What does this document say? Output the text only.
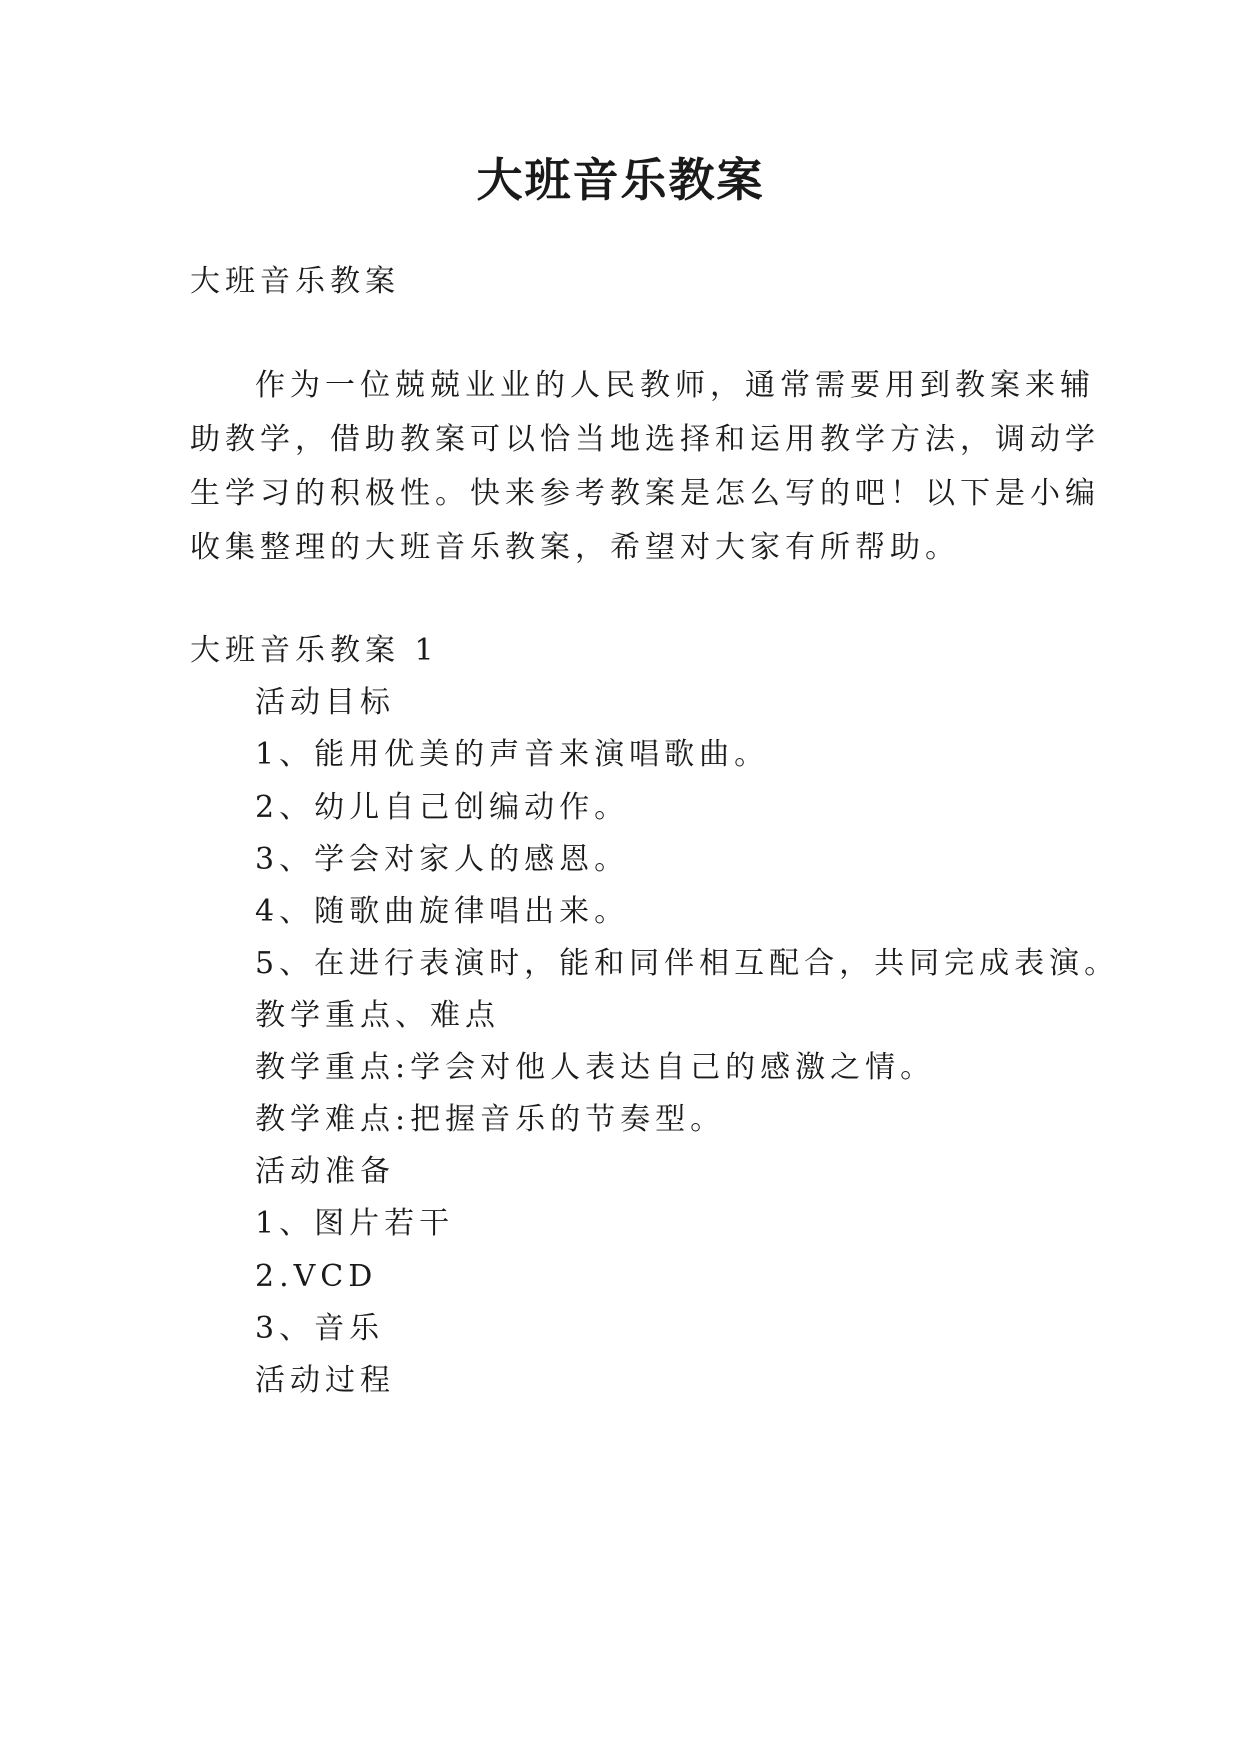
大班音乐教案

大班音乐教案

作为一位兢兢业业的人民教师，通常需要用到教案来辅

助教学，借助教案可以恰当地选择和运用教学方法，调动学

生学习的积极性。快来参考教案是怎么写的吧！以下是小编

收集整理的大班音乐教案，希望对大家有所帮助。

大班音乐教案 1

活动目标

1、能用优美的声音来演唱歌曲。

2、幼儿自己创编动作。

3、学会对家人的感恩。

4、随歌曲旋律唱出来。

5、在进行表演时，能和同伴相互配合，共同完成表演。

教学重点、难点

教学重点:学会对他人表达自己的感激之情。

教学难点:把握音乐的节奏型。

活动准备

1、图片若干

2.VCD

3、音乐

活动过程
